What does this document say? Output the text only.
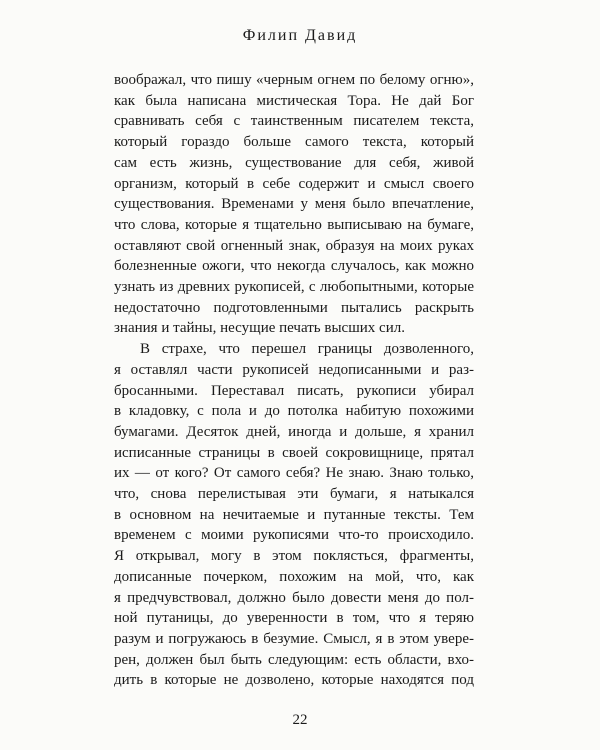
Филип Давид
воображал, что пишу «черным огнем по белому огню»,
как была написана мистическая Тора. Не дай Бог
сравнивать себя с таинственным писателем текста,
который гораздо больше самого текста, который
сам есть жизнь, существование для себя, живой
организм, который в себе содержит и смысл своего
существования. Временами у меня было впечатление,
что слова, которые я тщательно выписываю на бумаге,
оставляют свой огненный знак, образуя на моих руках
болезненные ожоги, что некогда случалось, как можно
узнать из древних рукописей, с любопытными, которые
недостаточно подготовленными пытались раскрыть
знания и тайны, несущие печать высших сил.
В страхе, что перешел границы дозволенного,
я оставлял части рукописей недописанными и раз-
бросанными. Переставал писать, рукописи убирал
в кладовку, с пола и до потолка набитую похожими
бумагами. Десяток дней, иногда и дольше, я хранил
исписанные страницы в своей сокровищнице, прятал
их — от кого? От самого себя? Не знаю. Знаю только,
что, снова перелистывая эти бумаги, я натыкался
в основном на нечитаемые и путанные тексты. Тем
временем с моими рукописями что-то происходило.
Я открывал, могу в этом поклясться, фрагменты,
дописанные почерком, похожим на мой, что, как
я предчувствовал, должно было довести меня до пол-
ной путаницы, до уверенности в том, что я теряю
разум и погружаюсь в безумие. Смысл, я в этом увере-
рен, должен был быть следующим: есть области, вхо-
дить в которые не дозволено, которые находятся под
22
